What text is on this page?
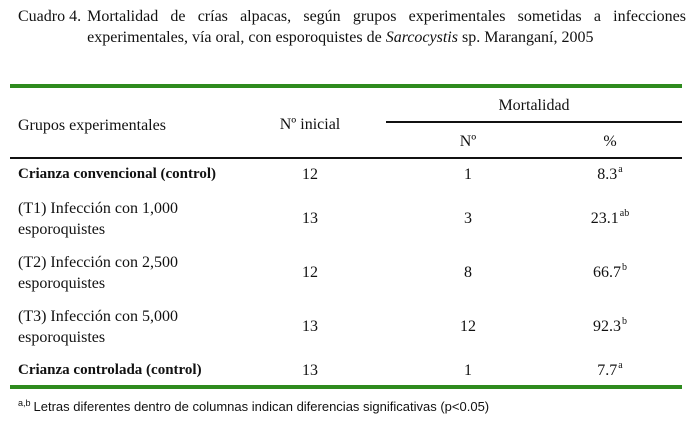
Cuadro 4. Mortalidad de crías alpacas, según grupos experimentales sometidas a infecciones experimentales, vía oral, con esporoquistes de Sarcocystis sp. Maranganí, 2005
Grupos experimentales	Nº inicial
Mortalidad
Nº	%
Crianza convencional (control)	12	1	8.3$^a$
(T1) Infección con 1,000
esporoquistes
13	3	23.1$^{ab}$
(T2) Infección con 2,500
esporoquistes
12	8	66.7$^b$
(T3) Infección con 5,000
esporoquistes
13	12	92.3$^b$
Crianza controlada (control)	13	1	7.7$^a$
$^{a,b}$ Letras diferentes dentro de columnas indican diferencias significativas (p<0.05)
